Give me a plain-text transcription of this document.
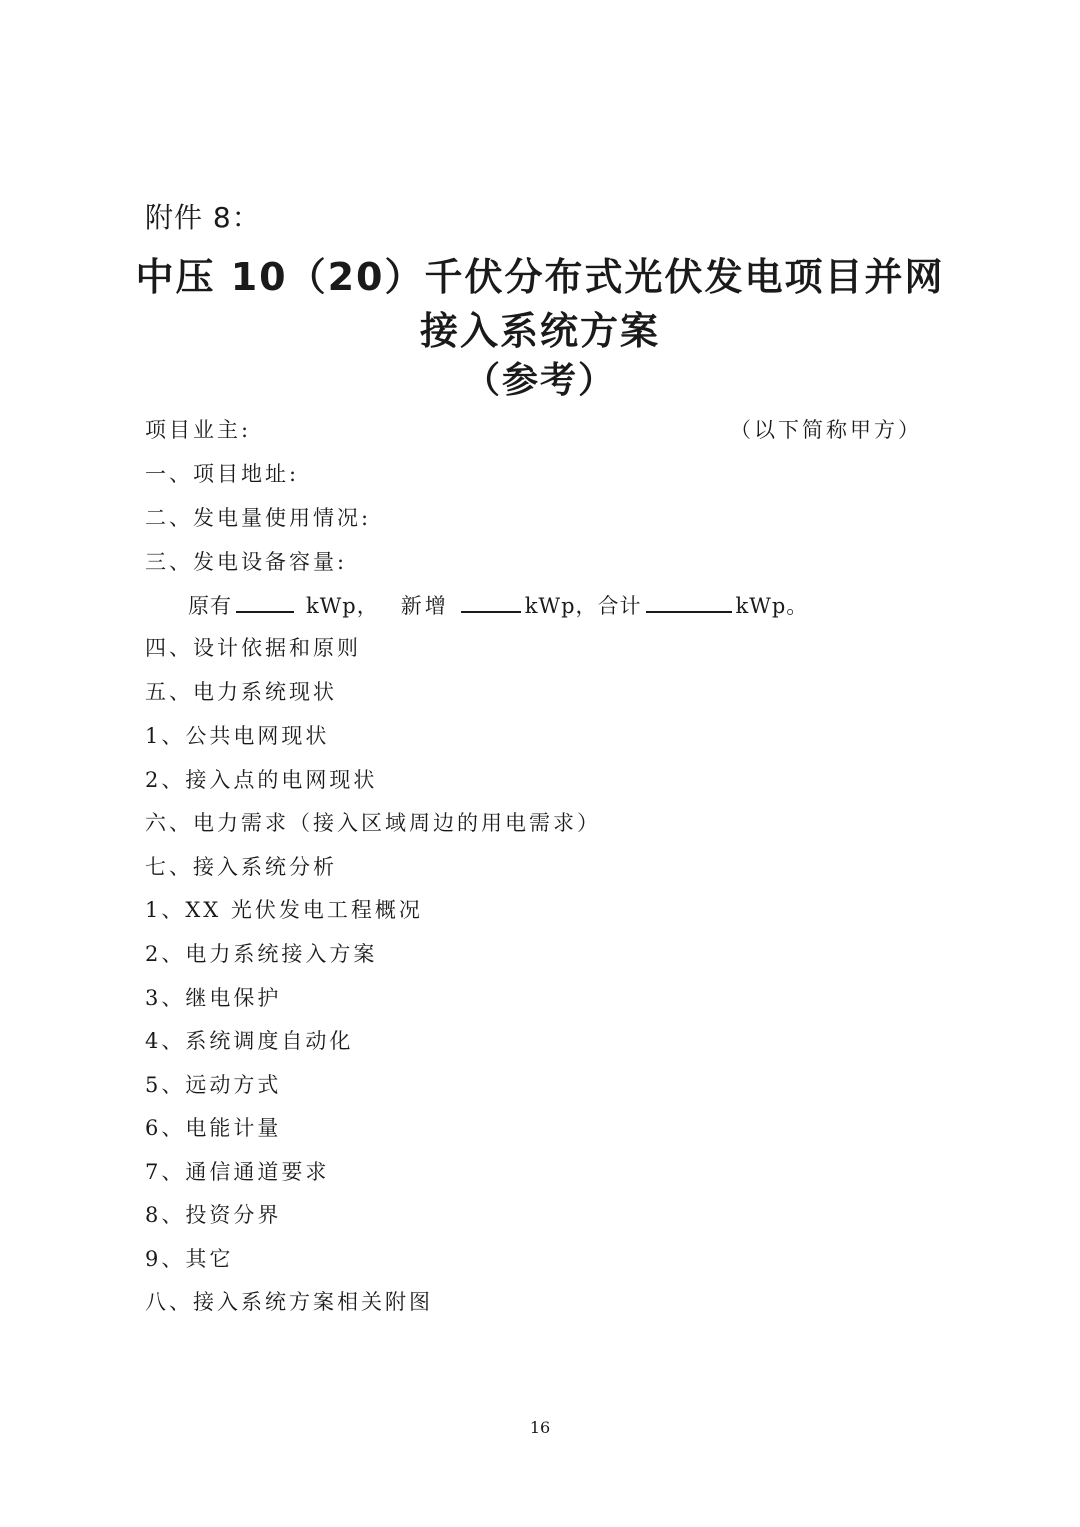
附件 8：
中压 10（20）千伏分布式光伏发电项目并网
接入系统方案
（参考）
项目业主:	（以下简称甲方）
一、项目地址:
二、发电量使用情况:
三、发电设备容量:
原有	kWp， 新增	kWp，合计	kWp。
四、设计依据和原则
五、电力系统现状
1、公共电网现状
2、接入点的电网现状
六、电力需求（接入区域周边的用电需求）
七、接入系统分析
1、XX 光伏发电工程概况
2、电力系统接入方案
3、继电保护
4、系统调度自动化
5、远动方式
6、电能计量
7、通信通道要求
8、投资分界
9、其它
八、接入系统方案相关附图
16
